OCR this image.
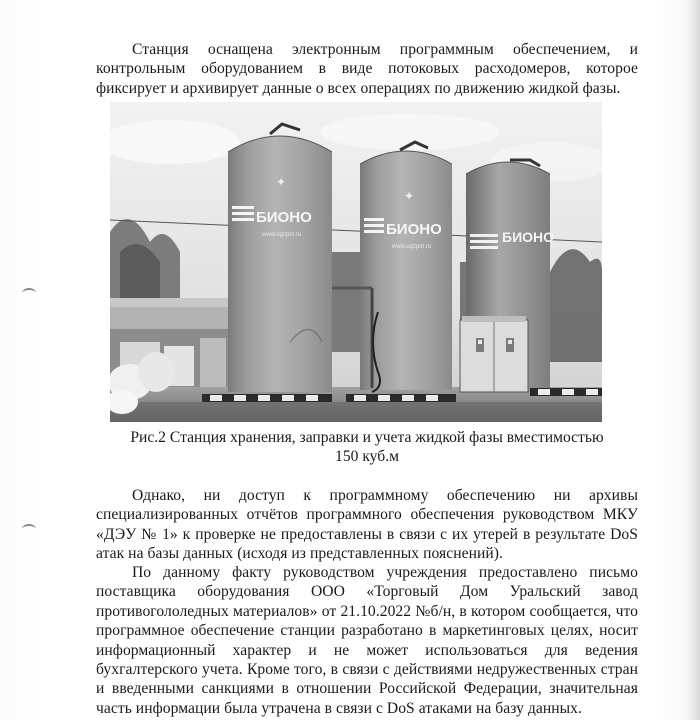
Станция оснащена электронным программным обеспечением, и контрольным оборудованием в виде потоковых расходомеров, которое фиксирует и архивирует данные о всех операциях по движению жидкой фазы.

БИОНО
www.ugzpm.ru
✦
БИОНО
www.ugzpm.ru
✦
БИОНО

Рис.2 Станция хранения, заправки и учета жидкой фазы вместимостью
150 куб.м

Однако, ни доступ к программному обеспечению ни архивы специализированных отчётов программного обеспечения руководством МКУ «ДЭУ № 1» к проверке не предоставлены в связи с их утерей в результате DoS атак на базы данных (исходя из представленных пояснений).

По данному факту руководством учреждения предоставлено письмо поставщика оборудования ООО «Торговый Дом Уральский завод противогололедных материалов» от 21.10.2022 №б/н, в котором сообщается, что программное обеспечение станции разработано в маркетинговых целях, носит информационный характер и не может использоваться для ведения бухгалтерского учета. Кроме того, в связи с действиями недружественных стран и введенными санкциями в отношении Российской Федерации, значительная часть информации была утрачена в связи с DoS атаками на базу данных.
